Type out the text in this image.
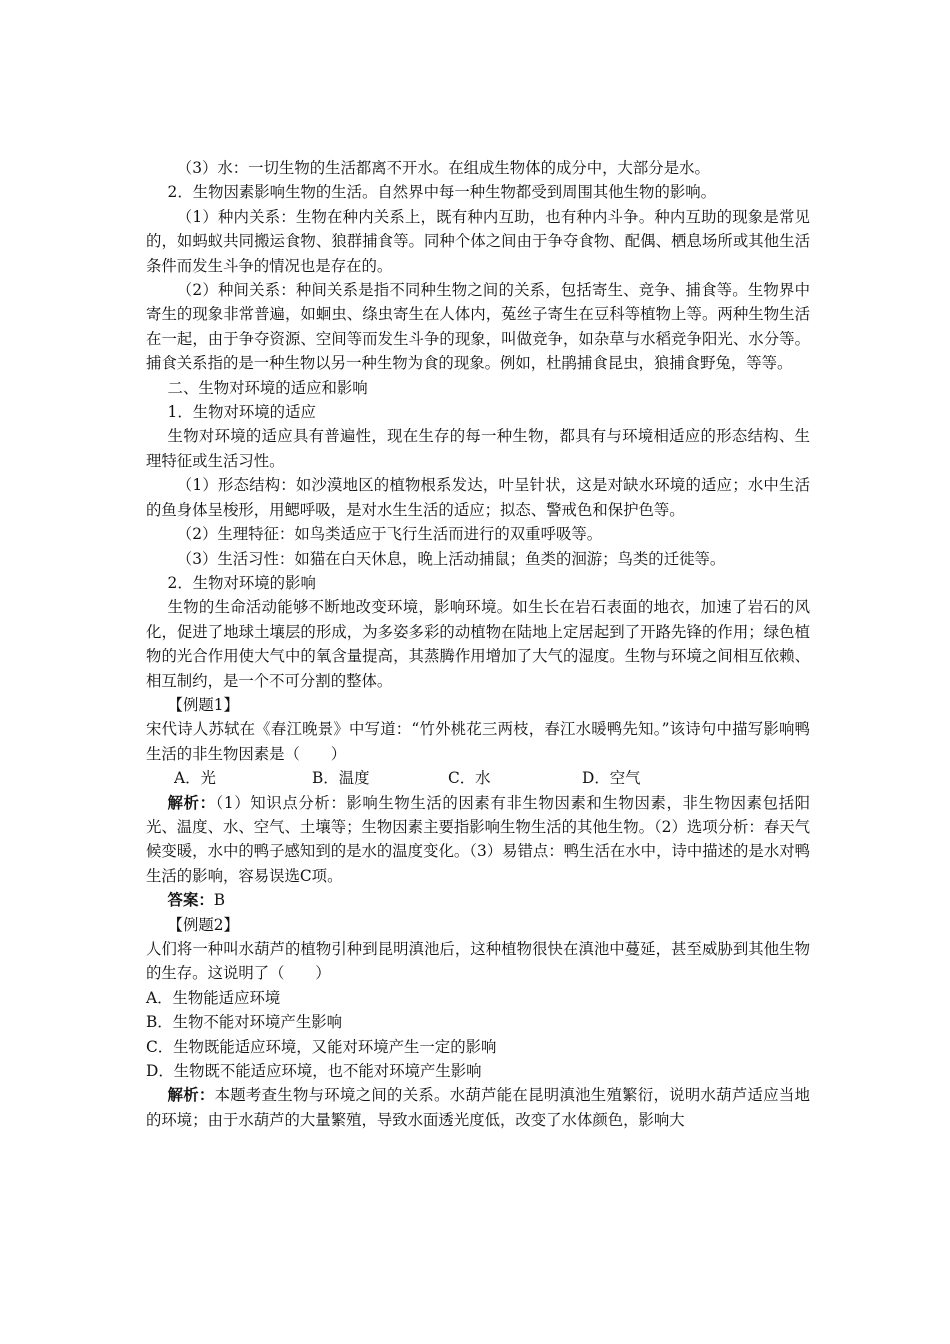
（3）水：一切生物的生活都离不开水。在组成生物体的成分中，大部分是水。

2．生物因素影响生物的生活。自然界中每一种生物都受到周围其他生物的影响。

（1）种内关系：生物在种内关系上，既有种内互助，也有种内斗争。种内互助的现象是常见的，如蚂蚁共同搬运食物、狼群捕食等。同种个体之间由于争夺食物、配偶、栖息场所或其他生活条件而发生斗争的情况也是存在的。

（2）种间关系：种间关系是指不同种生物之间的关系，包括寄生、竞争、捕食等。生物界中寄生的现象非常普遍，如蛔虫、绦虫寄生在人体内，菟丝子寄生在豆科等植物上等。两种生物生活在一起，由于争夺资源、空间等而发生斗争的现象，叫做竞争，如杂草与水稻竞争阳光、水分等。捕食关系指的是一种生物以另一种生物为食的现象。例如，杜鹃捕食昆虫，狼捕食野兔，等等。

二、生物对环境的适应和影响

1．生物对环境的适应

生物对环境的适应具有普遍性，现在生存的每一种生物，都具有与环境相适应的形态结构、生理特征或生活习性。

（1）形态结构：如沙漠地区的植物根系发达，叶呈针状，这是对缺水环境的适应；水中生活的鱼身体呈梭形，用鳃呼吸，是对水生生活的适应；拟态、警戒色和保护色等。

（2）生理特征：如鸟类适应于飞行生活而进行的双重呼吸等。

（3）生活习性：如猫在白天休息，晚上活动捕鼠；鱼类的洄游；鸟类的迁徙等。

2．生物对环境的影响

生物的生命活动能够不断地改变环境，影响环境。如生长在岩石表面的地衣，加速了岩石的风化，促进了地球土壤层的形成，为多姿多彩的动植物在陆地上定居起到了开路先锋的作用；绿色植物的光合作用使大气中的氧含量提高，其蒸腾作用增加了大气的湿度。生物与环境之间相互依赖、相互制约，是一个不可分割的整体。

【例题1】

宋代诗人苏轼在《春江晚景》中写道：“竹外桃花三两枝，春江水暖鸭先知。”该诗句中描写影响鸭生活的非生物因素是（　　）

A．光	B．温度	C．水	D．空气

解析：（1）知识点分析：影响生物生活的因素有非生物因素和生物因素，非生物因素包括阳光、温度、水、空气、土壤等；生物因素主要指影响生物生活的其他生物。（2）选项分析：春天气候变暖，水中的鸭子感知到的是水的温度变化。（3）易错点：鸭生活在水中，诗中描述的是水对鸭生活的影响，容易误选C项。

答案：B

【例题2】

人们将一种叫水葫芦的植物引种到昆明滇池后，这种植物很快在滇池中蔓延，甚至威胁到其他生物的生存。这说明了（　　）

A．生物能适应环境

B．生物不能对环境产生影响

C．生物既能适应环境，又能对环境产生一定的影响

D．生物既不能适应环境，也不能对环境产生影响

解析：本题考查生物与环境之间的关系。水葫芦能在昆明滇池生殖繁衍，说明水葫芦适应当地的环境；由于水葫芦的大量繁殖，导致水面透光度低，改变了水体颜色，影响大
